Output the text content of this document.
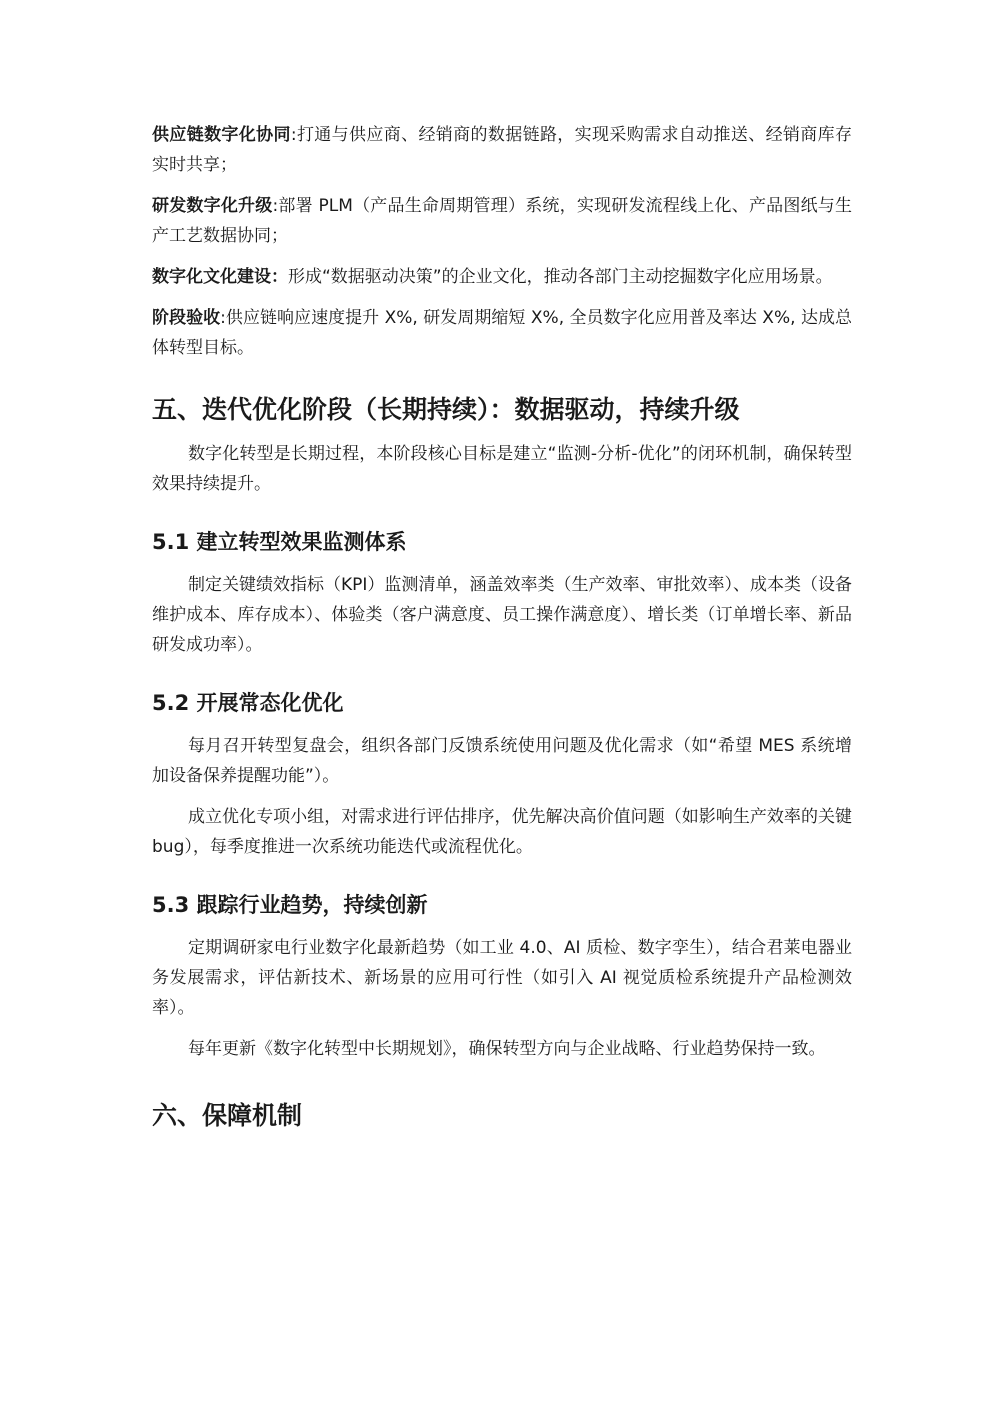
供应链数字化协同:打通与供应商、经销商的数据链路，实现采购需求自动推送、经销商库存实时共享；

研发数字化升级:部署 PLM（产品生命周期管理）系统，实现研发流程线上化、产品图纸与生产工艺数据协同；

数字化文化建设：形成“数据驱动决策”的企业文化，推动各部门主动挖掘数字化应用场景。

阶段验收:供应链响应速度提升 X%, 研发周期缩短 X%, 全员数字化应用普及率达 X%, 达成总体转型目标。

五、迭代优化阶段（长期持续）：数据驱动，持续升级

数字化转型是长期过程，本阶段核心目标是建立“监测-分析-优化”的闭环机制，确保转型效果持续提升。

5.1 建立转型效果监测体系

制定关键绩效指标（KPI）监测清单，涵盖效率类（生产效率、审批效率）、成本类（设备维护成本、库存成本）、体验类（客户满意度、员工操作满意度）、增长类（订单增长率、新品研发成功率）。

5.2 开展常态化优化

每月召开转型复盘会，组织各部门反馈系统使用问题及优化需求（如“希望 MES 系统增加设备保养提醒功能”）。

成立优化专项小组，对需求进行评估排序，优先解决高价值问题（如影响生产效率的关键 bug），每季度推进一次系统功能迭代或流程优化。

5.3 跟踪行业趋势，持续创新

定期调研家电行业数字化最新趋势（如工业 4.0、AI 质检、数字孪生），结合君莱电器业务发展需求，评估新技术、新场景的应用可行性（如引入 AI 视觉质检系统提升产品检测效率）。

每年更新《数字化转型中长期规划》，确保转型方向与企业战略、行业趋势保持一致。

六、保障机制
